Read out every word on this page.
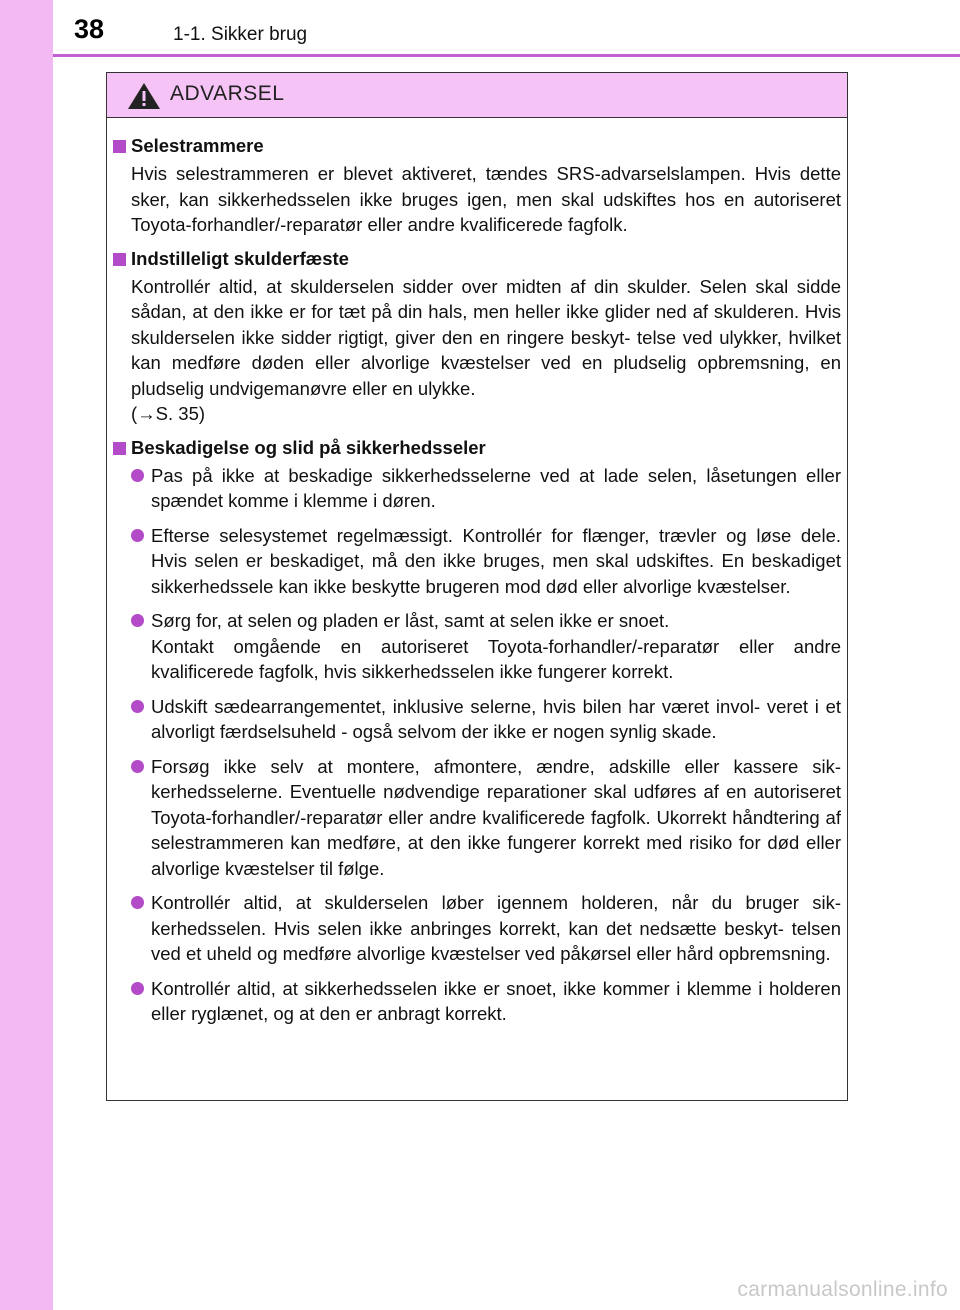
38	1-1. Sikker brug
ADVARSEL
Selestrammere
Hvis selestrammeren er blevet aktiveret, tændes SRS-advarselslampen. Hvis dette sker, kan sikkerhedsselen ikke bruges igen, men skal udskiftes hos en autoriseret Toyota-forhandler/-reparatør eller andre kvalificerede fagfolk.
Indstilleligt skulderfæste
Kontrollér altid, at skulderselen sidder over midten af din skulder. Selen skal sidde sådan, at den ikke er for tæt på din hals, men heller ikke glider ned af skulderen. Hvis skulderselen ikke sidder rigtigt, giver den en ringere beskyt- telse ved ulykker, hvilket kan medføre døden eller alvorlige kvæstelser ved en pludselig opbremsning, en pludselig undvigemanøvre eller en ulykke.
(→S. 35)
Beskadigelse og slid på sikkerhedsseler
Pas på ikke at beskadige sikkerhedsselerne ved at lade selen, låsetungen eller spændet komme i klemme i døren.
Efterse selesystemet regelmæssigt. Kontrollér for flænger, trævler og løse dele. Hvis selen er beskadiget, må den ikke bruges, men skal udskiftes. En beskadiget sikkerhedssele kan ikke beskytte brugeren mod død eller alvorlige kvæstelser.
Sørg for, at selen og pladen er låst, samt at selen ikke er snoet.
Kontakt omgående en autoriseret Toyota-forhandler/-reparatør eller andre kvalificerede fagfolk, hvis sikkerhedsselen ikke fungerer korrekt.
Udskift sædearrangementet, inklusive selerne, hvis bilen har været invol- veret i et alvorligt færdselsuheld - også selvom der ikke er nogen synlig skade.
Forsøg ikke selv at montere, afmontere, ændre, adskille eller kassere sik- kerhedsselerne. Eventuelle nødvendige reparationer skal udføres af en autoriseret Toyota-forhandler/-reparatør eller andre kvalificerede fagfolk. Ukorrekt håndtering af selestrammeren kan medføre, at den ikke fungerer korrekt med risiko for død eller alvorlige kvæstelser til følge.
Kontrollér altid, at skulderselen løber igennem holderen, når du bruger sik- kerhedsselen. Hvis selen ikke anbringes korrekt, kan det nedsætte beskyt- telsen ved et uheld og medføre alvorlige kvæstelser ved påkørsel eller hård opbremsning.
Kontrollér altid, at sikkerhedsselen ikke er snoet, ikke kommer i klemme i holderen eller ryglænet, og at den er anbragt korrekt.
carmanualsonline.info
